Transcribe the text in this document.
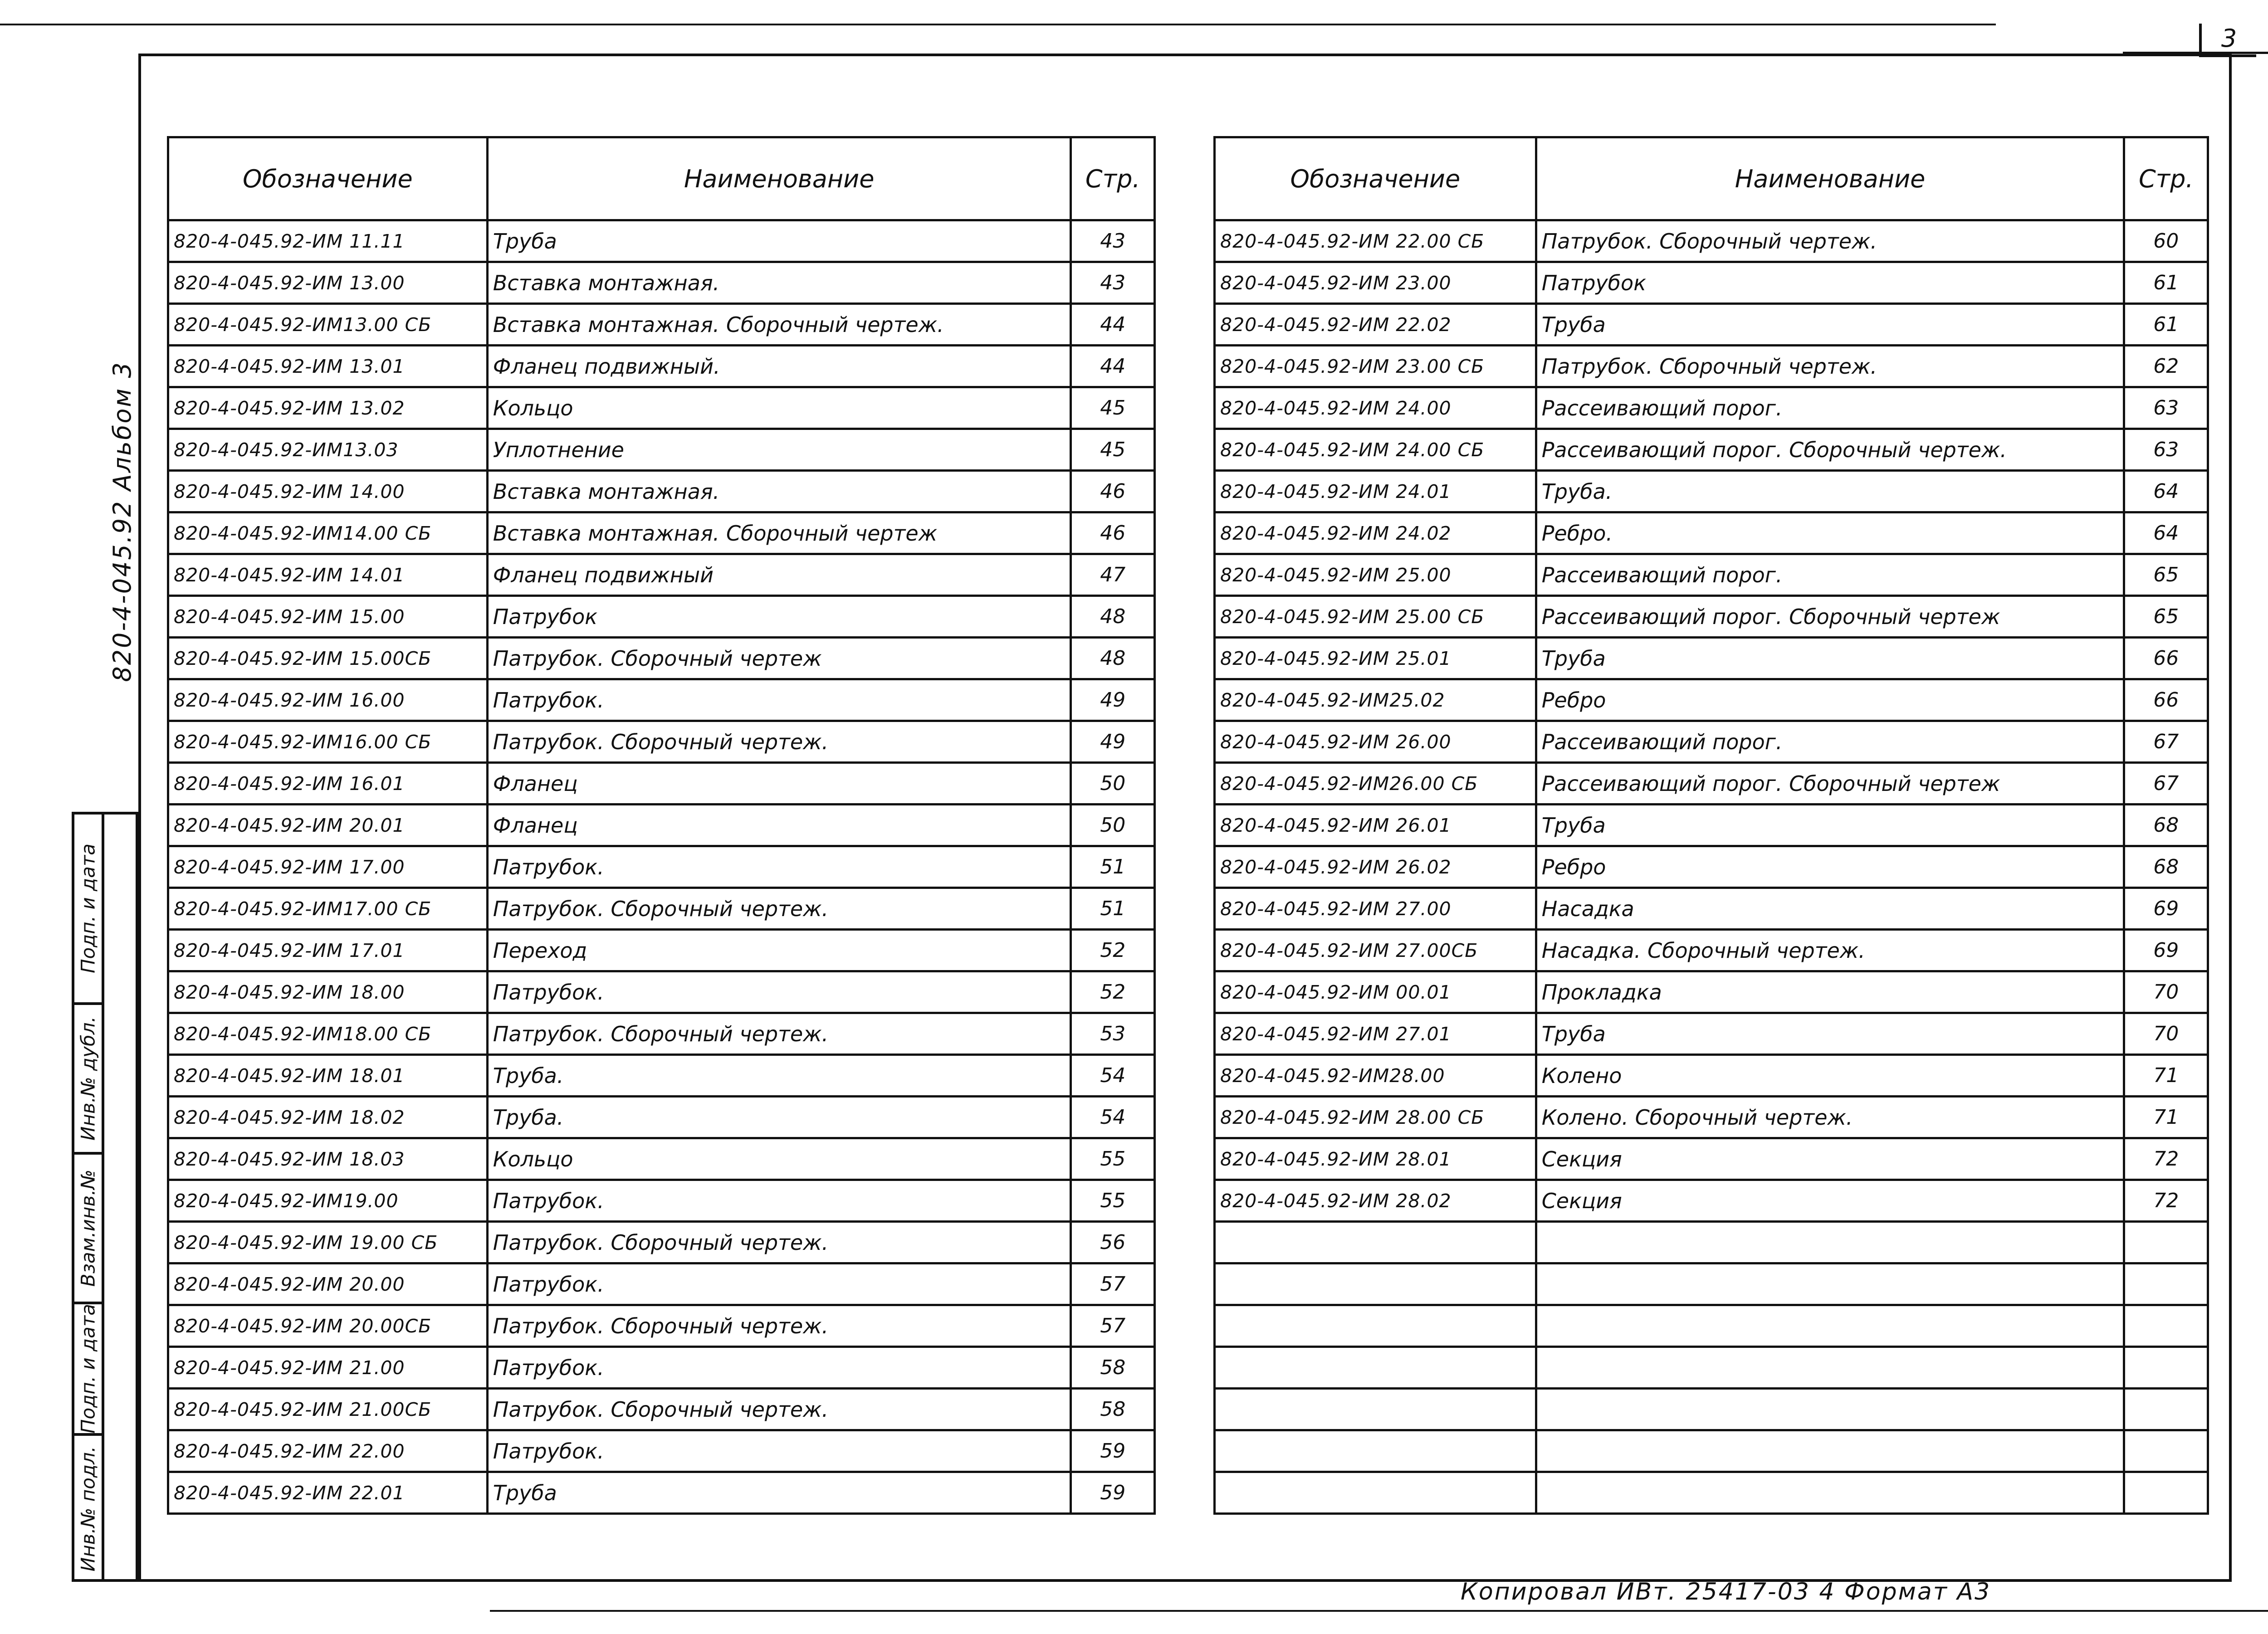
3
820-4-045.92 Альбом 3
Подп. и дата
Инв.№ дубл.
Взам.инв.№
Подп. и дата
Инв.№ подл.
Обозначение	Наименование	Стр.
820-4-045.92-ИМ 11.11	Труба	43
820-4-045.92-ИМ 13.00	Вставка монтажная.	43
820-4-045.92-ИМ13.00 СБ	Вставка монтажная. Сборочный чертеж.	44
820-4-045.92-ИМ 13.01	Фланец подвижный.	44
820-4-045.92-ИМ 13.02	Кольцо	45
820-4-045.92-ИМ13.03	Уплотнение	45
820-4-045.92-ИМ 14.00	Вставка монтажная.	46
820-4-045.92-ИМ14.00 СБ	Вставка монтажная. Сборочный чертеж	46
820-4-045.92-ИМ 14.01	Фланец подвижный	47
820-4-045.92-ИМ 15.00	Патрубок	48
820-4-045.92-ИМ 15.00СБ	Патрубок. Сборочный чертеж	48
820-4-045.92-ИМ 16.00	Патрубок.	49
820-4-045.92-ИМ16.00 СБ	Патрубок. Сборочный чертеж.	49
820-4-045.92-ИМ 16.01	Фланец	50
820-4-045.92-ИМ 20.01	Фланец	50
820-4-045.92-ИМ 17.00	Патрубок.	51
820-4-045.92-ИМ17.00 СБ	Патрубок. Сборочный чертеж.	51
820-4-045.92-ИМ 17.01	Переход	52
820-4-045.92-ИМ 18.00	Патрубок.	52
820-4-045.92-ИМ18.00 СБ	Патрубок. Сборочный чертеж.	53
820-4-045.92-ИМ 18.01	Труба.	54
820-4-045.92-ИМ 18.02	Труба.	54
820-4-045.92-ИМ 18.03	Кольцо	55
820-4-045.92-ИМ19.00	Патрубок.	55
820-4-045.92-ИМ 19.00 СБ	Патрубок. Сборочный чертеж.	56
820-4-045.92-ИМ 20.00	Патрубок.	57
820-4-045.92-ИМ 20.00СБ	Патрубок. Сборочный чертеж.	57
820-4-045.92-ИМ 21.00	Патрубок.	58
820-4-045.92-ИМ 21.00СБ	Патрубок. Сборочный чертеж.	58
820-4-045.92-ИМ 22.00	Патрубок.	59
820-4-045.92-ИМ 22.01	Труба	59
Обозначение	Наименование	Стр.
820-4-045.92-ИМ 22.00 СБ	Патрубок. Сборочный чертеж.	60
820-4-045.92-ИМ 23.00	Патрубок	61
820-4-045.92-ИМ 22.02	Труба	61
820-4-045.92-ИМ 23.00 СБ	Патрубок. Сборочный чертеж.	62
820-4-045.92-ИМ 24.00	Рассеивающий порог.	63
820-4-045.92-ИМ 24.00 СБ	Рассеивающий порог. Сборочный чертеж.	63
820-4-045.92-ИМ 24.01	Труба.	64
820-4-045.92-ИМ 24.02	Ребро.	64
820-4-045.92-ИМ 25.00	Рассеивающий порог.	65
820-4-045.92-ИМ 25.00 СБ	Рассеивающий порог. Сборочный чертеж	65
820-4-045.92-ИМ 25.01	Труба	66
820-4-045.92-ИМ25.02	Ребро	66
820-4-045.92-ИМ 26.00	Рассеивающий порог.	67
820-4-045.92-ИМ26.00 СБ	Рассеивающий порог. Сборочный чертеж	67
820-4-045.92-ИМ 26.01	Труба	68
820-4-045.92-ИМ 26.02	Ребро	68
820-4-045.92-ИМ 27.00	Насадка	69
820-4-045.92-ИМ 27.00СБ	Насадка. Сборочный чертеж.	69
820-4-045.92-ИМ 00.01	Прокладка	70
820-4-045.92-ИМ 27.01	Труба	70
820-4-045.92-ИМ28.00	Колено	71
820-4-045.92-ИМ 28.00 СБ	Колено. Сборочный чертеж.	71
820-4-045.92-ИМ 28.01	Секция	72
820-4-045.92-ИМ 28.02	Секция	72

Копировал ИВт. 25417-03 4 Формат А3
